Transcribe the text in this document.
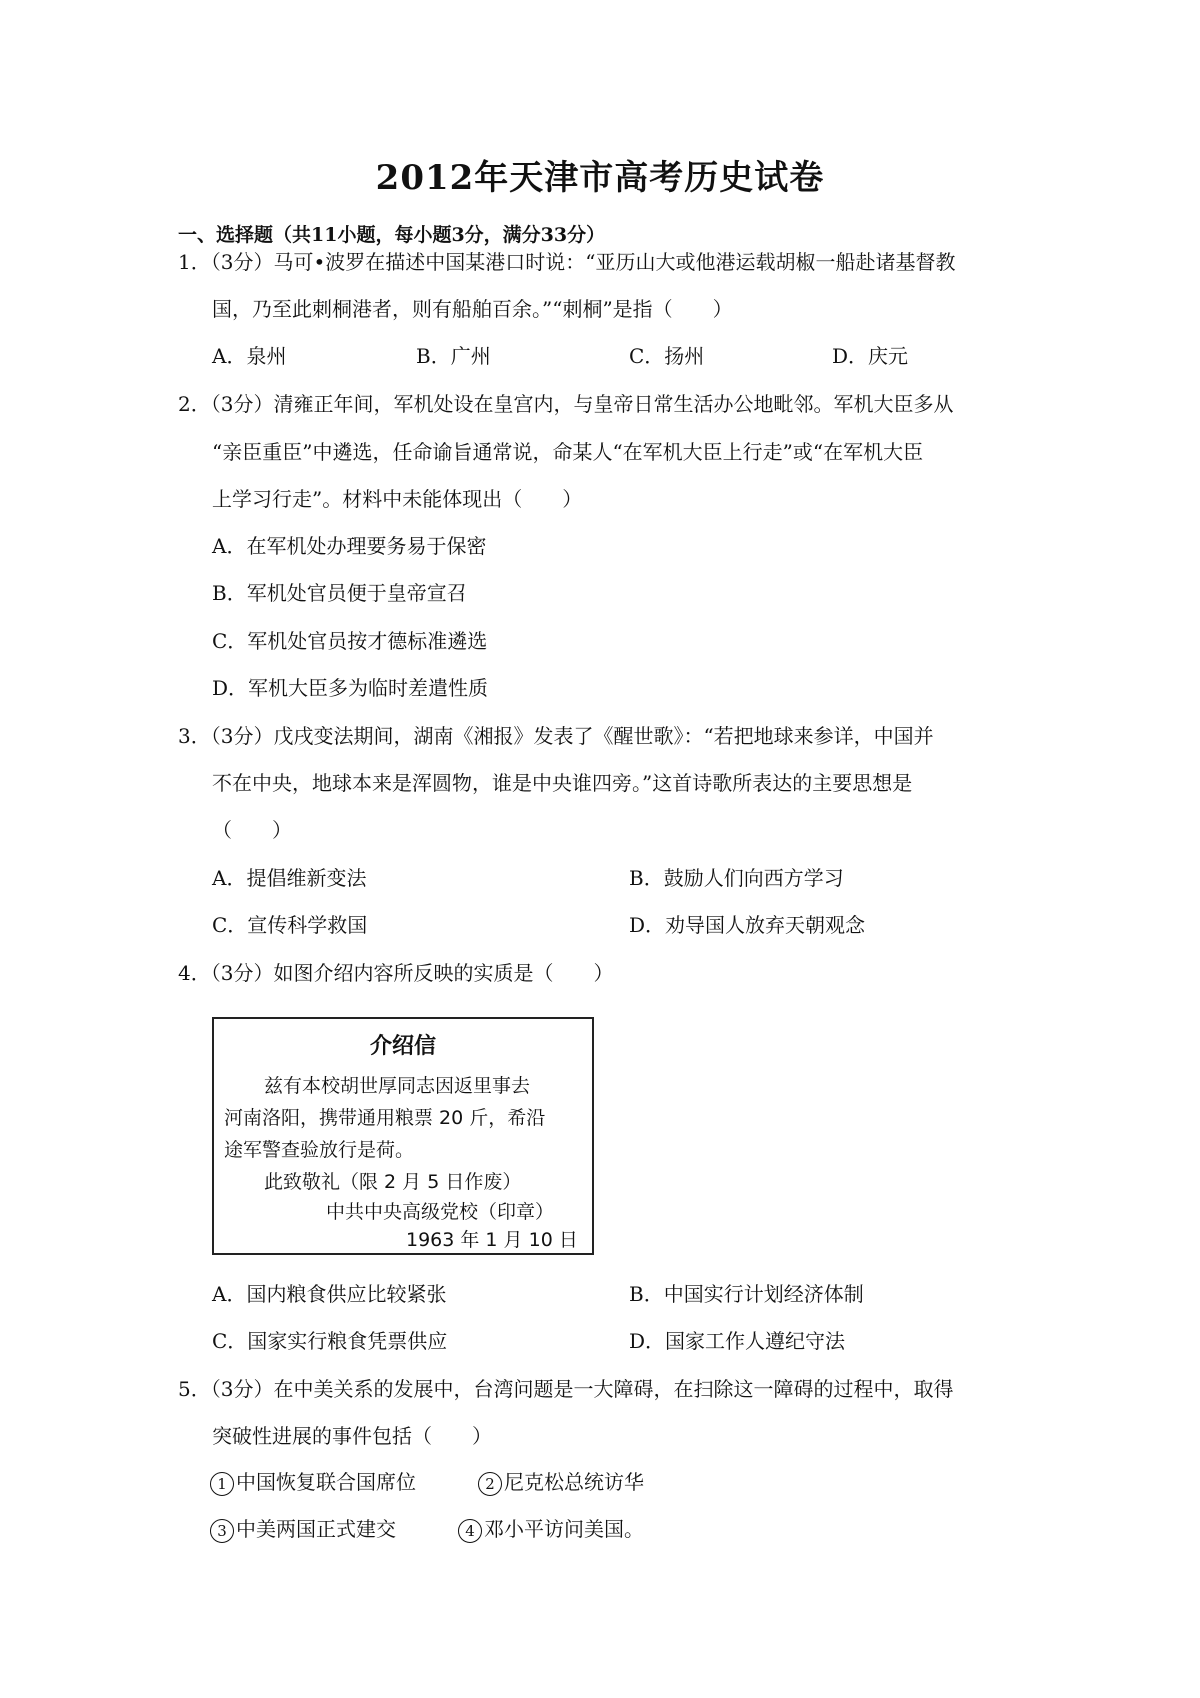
2012年天津市高考历史试卷
一、选择题（共11小题，每小题3分，满分33分）
1．（3分）马可•波罗在描述中国某港口时说：“亚历山大或他港运载胡椒一船赴诸基督教
国，乃至此刺桐港者，则有船舶百余。”“刺桐”是指（　　）
A．泉州	B．广州	C．扬州	D．庆元
2．（3分）清雍正年间，军机处设在皇宫内，与皇帝日常生活办公地毗邻。军机大臣多从
“亲臣重臣”中遴选，任命谕旨通常说，命某人“在军机大臣上行走”或“在军机大臣
上学习行走”。材料中未能体现出（　　）
A．在军机处办理要务易于保密
B．军机处官员便于皇帝宣召
C．军机处官员按才德标准遴选
D．军机大臣多为临时差遣性质
3．（3分）戊戌变法期间，湖南《湘报》发表了《醒世歌》：“若把地球来参详，中国并
不在中央，地球本来是浑圆物，谁是中央谁四旁。”这首诗歌所表达的主要思想是
（　　）
A．提倡维新变法	B．鼓励人们向西方学习
C．宣传科学救国	D．劝导国人放弃天朝观念
4．（3分）如图介绍内容所反映的实质是（　　）
介绍信
兹有本校胡世厚同志因返里事去
河南洛阳，携带通用粮票 20 斤，希沿
途军警查验放行是荷。
此致敬礼（限 2 月 5 日作废）
中共中央高级党校（印章）
1963 年 1 月 10 日
A．国内粮食供应比较紧张	B．中国实行计划经济体制
C．国家实行粮食凭票供应	D．国家工作人遵纪守法
5．（3分）在中美关系的发展中，台湾问题是一大障碍，在扫除这一障碍的过程中，取得
突破性进展的事件包括（　　）
1 中国恢复联合国席位	2 尼克松总统访华
3 中美两国正式建交	4 邓小平访问美国。
